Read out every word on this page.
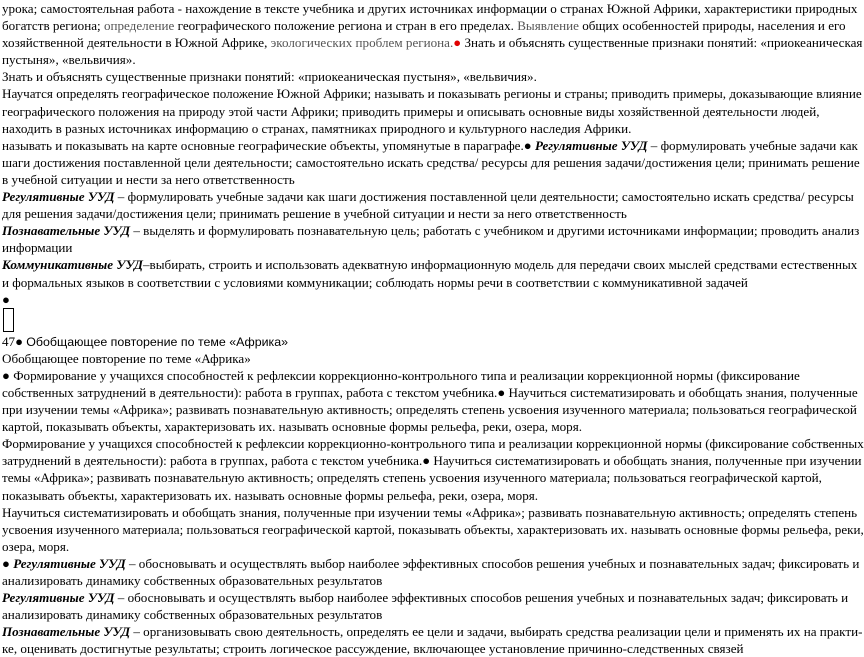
урока; самостоятельная работа - нахождение в тексте учебника и других источниках информации о странах Южной Африки, характеристики природных
богатств региона; определение географического положение региона и стран в его пределах. Выявление общих особенностей природы, населения и его
хозяйственной деятельности в Южной Африке, экологических проблем региона.● Знать и объяснять существенные признаки понятий: «приокеаническая
пустыня», «вельвичия».
Знать и объяснять существенные признаки понятий: «приокеаническая пустыня», «вельвичия».
Научатся определять географическое положение Южной Африки; называть и показывать регионы и страны; приводить примеры, доказывающие влияние
географического положения на природу этой части Африки; приводить примеры и описывать основные виды хозяйственной деятельности людей,
находить в разных источниках информацию о странах, памятниках природного и культурного наследия Африки.
называть и показывать на карте основные географические объекты, упомянутые в параграфе.● Регулятивные УУД – формулировать учебные задачи как
шаги достижения поставленной цели деятельности; самостоятельно искать средства/ ресурсы для решения задачи/достижения цели; принимать решение
в учебной ситуации и нести за него ответственность
Регулятивные УУД – формулировать учебные задачи как шаги достижения поставленной цели деятельности; самостоятельно искать средства/ ресурсы
для решения задачи/достижения цели; принимать решение в учебной ситуации и нести за него ответственность
Познавательные УУД – выделять и формулировать познавательную цель; работать с учебником и другими источниками информации; проводить анализ
информации
Коммуникативные УУД–выбирать, строить и использовать адекватную информационную модель для передачи своих мыслей средствами естественных
и формальных языков в соответствии с условиями коммуникации; соблюдать нормы речи в соответствии с коммуникативной задачей
●
47● Обобщающее повторение по теме «Африка»
Обобщающее повторение по теме «Африка»
● Формирование у учащихся способностей к рефлексии коррекционно-контрольного типа и реализации коррекционной нормы (фиксирование
собственных затруднений в деятельности): работа в группах, работа с текстом учебника.● Научиться систематизировать и обобщать знания, полученные
при изучении темы «Африка»; развивать познавательную активность; определять степень усвоения изученного материала; пользоваться географической
картой, показывать объекты, характеризовать их. называть основные формы рельефа, реки, озера, моря.
Формирование у учащихся способностей к рефлексии коррекционно-контрольного типа и реализации коррекционной нормы (фиксирование собственных
затруднений в деятельности): работа в группах, работа с текстом учебника.● Научиться систематизировать и обобщать знания, полученные при изучении
темы «Африка»; развивать познавательную активность; определять степень усвоения изученного материала; пользоваться географической картой,
показывать объекты, характеризовать их. называть основные формы рельефа, реки, озера, моря.
Научиться систематизировать и обобщать знания, полученные при изучении темы «Африка»; развивать познавательную активность; определять степень
усвоения изученного материала; пользоваться географической картой, показывать объекты, характеризовать их. называть основные формы рельефа, реки,
озера, моря.
● Регулятивные УУД – обосновывать и осуществлять выбор наиболее эффективных способов решения учебных и познавательных задач; фиксировать и
анализировать динамику собственных образовательных результатов
Регулятивные УУД – обосновывать и осуществлять выбор наиболее эффективных способов решения учебных и познавательных задач; фиксировать и
анализировать динамику собственных образовательных результатов
Познавательные УУД – организовывать свою деятельность, определять ее цели и задачи, выбирать средства реализации цели и применять их на практи-
ке, оценивать достигнутые результаты; строить логическое рассуждение, включающее установление причинно-следственных связей
